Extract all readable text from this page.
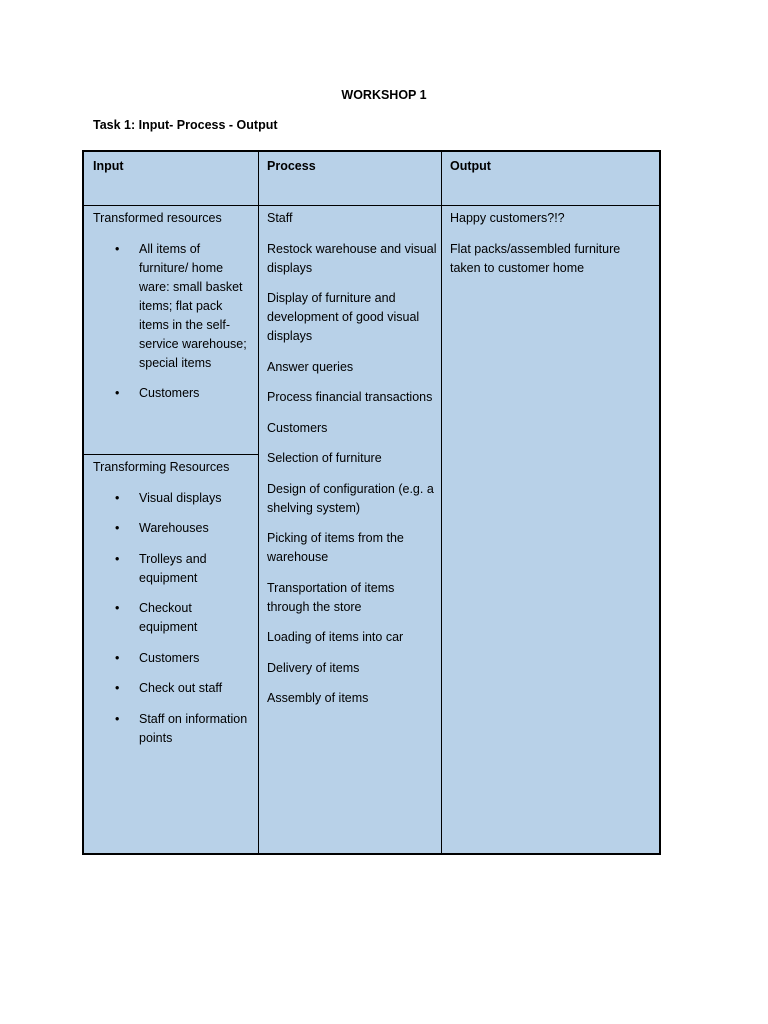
WORKSHOP 1
Task 1: Input- Process - Output
Input	Process	Output

Transformed resources

• All items of furniture/ home ware: small basket items; flat pack items in the self-service warehouse; special items
• Customers

Transforming Resources

• Visual displays
• Warehouses
• Trolleys and equipment
• Checkout equipment
• Customers
• Check out staff
• Staff on information points

Staff

Restock warehouse and visual displays

Display of furniture and development of good visual displays

Answer queries

Process financial transactions

Customers

Selection of furniture

Design of configuration (e.g. a shelving system)

Picking of items from the warehouse

Transportation of items through the store

Loading of items into car

Delivery of items

Assembly of items

Happy customers?!?

Flat packs/assembled furniture taken to customer home
